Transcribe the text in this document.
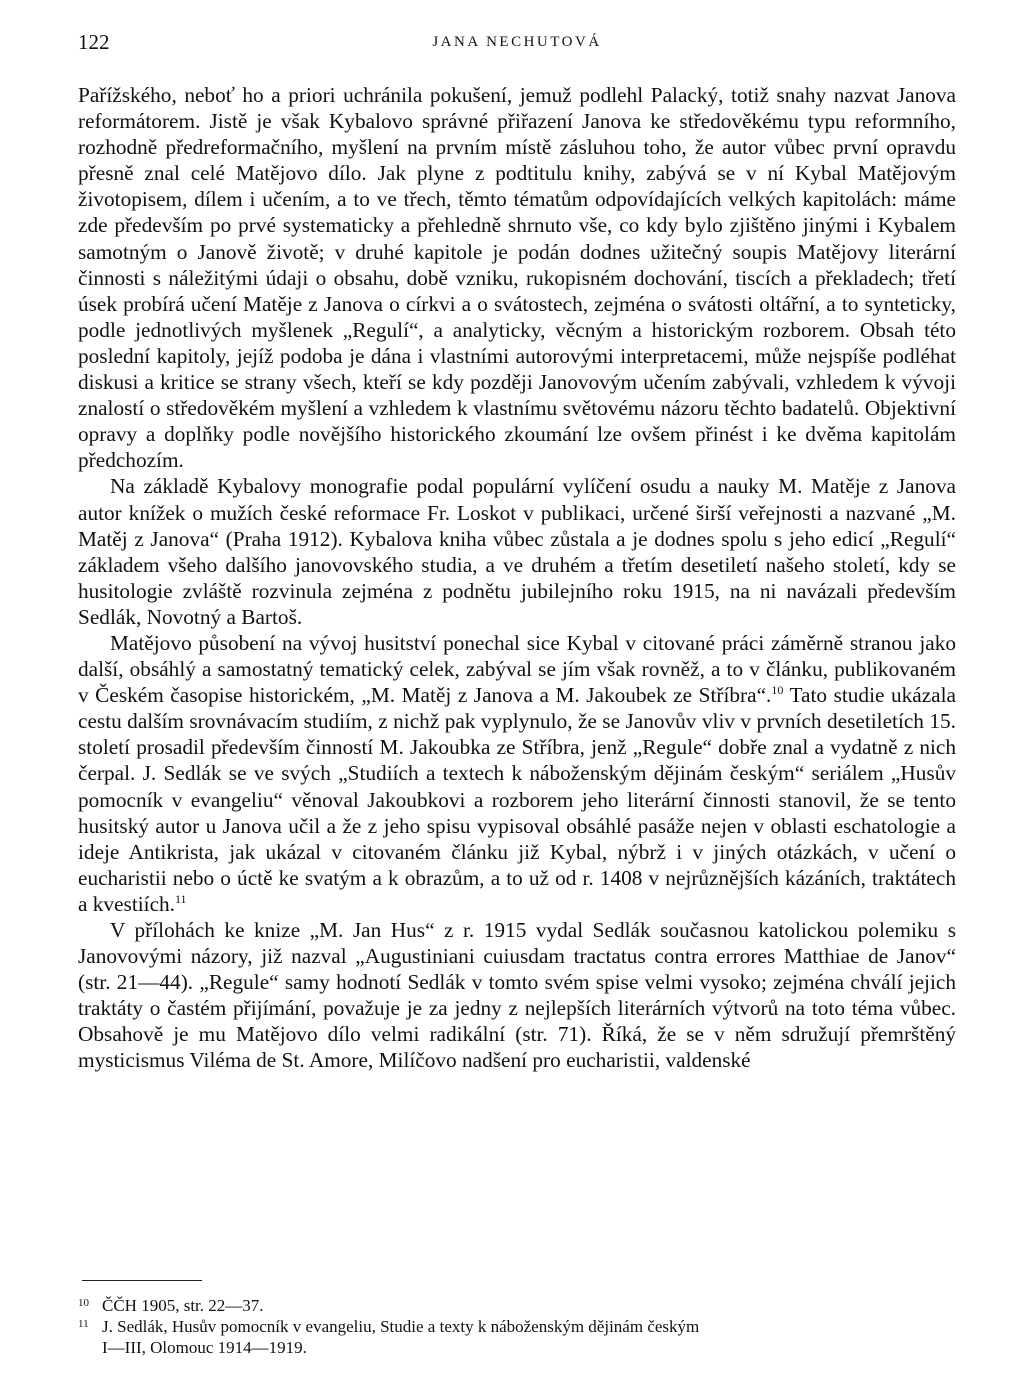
122	JANA NECHUTOVÁ

Pařížského, neboť ho a priori uchránila pokušení, jemuž podlehl Palacký, totiž snahy nazvat Janova reformátorem. Jistě je však Kybalovo správné přiřazení Janova ke středověkému typu reformního, rozhodně předreformačního, myšlení na prvním místě zásluhou toho, že autor vůbec první opravdu přesně znal celé Matějovo dílo. Jak plyne z podtitulu knihy, zabývá se v ní Kybal Matějovým životopisem, dílem i učením, a to ve třech, těmto tématům odpovídajících velkých kapitolách: máme zde především po prvé systematicky a přehledně shrnuto vše, co kdy bylo zjištěno jinými i Kybalem samotným o Janově životě; v druhé kapitole je podán dodnes užitečný soupis Matějovy literární činnosti s náležitými údaji o obsahu, době vzniku, rukopisném dochování, tiscích a překladech; třetí úsek probírá učení Matěje z Janova o církvi a o svátostech, zejména o svátosti oltářní, a to synteticky, podle jednotlivých myšlenek „Regulí“, a analyticky, věcným a historickým rozborem. Obsah této poslední kapitoly, jejíž podoba je dána i vlastními autorovými interpretacemi, může nejspíše podléhat diskusi a kritice se strany všech, kteří se kdy později Janovovým učením zabývali, vzhledem k vývoji znalostí o středověkém myšlení a vzhledem k vlastnímu světovému názoru těchto badatelů. Objektivní opravy a doplňky podle novějšího historického zkoumání lze ovšem přinést i ke dvěma kapitolám předchozím.

Na základě Kybalovy monografie podal populární vylíčení osudu a nauky M. Matěje z Janova autor knížek o mužích české reformace Fr. Loskot v publikaci, určené širší veřejnosti a nazvané „M. Matěj z Janova“ (Praha 1912). Kybalova kniha vůbec zůstala a je dodnes spolu s jeho edicí „Regulí“ základem všeho dalšího janovovského studia, a ve druhém a třetím desetiletí našeho století, kdy se husitologie zvláště rozvinula zejména z podnětu jubilejního roku 1915, na ni navázali především Sedlák, Novotný a Bartoš.

Matějovo působení na vývoj husitství ponechal sice Kybal v citované práci záměrně stranou jako další, obsáhlý a samostatný tematický celek, zabýval se jím však rovněž, a to v článku, publikovaném v Českém časopise historickém, „M. Matěj z Janova a M. Jakoubek ze Stříbra“.$^{10}$ Tato studie ukázala cestu dalším srovnávacím studiím, z nichž pak vyplynulo, že se Janovův vliv v prvních desetiletích 15. století prosadil především činností M. Jakoubka ze Stříbra, jenž „Regule“ dobře znal a vydatně z nich čerpal. J. Sedlák se ve svých „Studiích a textech k náboženským dějinám českým“ seriálem „Husův pomocník v evangeliu“ věnoval Jakoubkovi a rozborem jeho literární činnosti stanovil, že se tento husitský autor u Janova učil a že z jeho spisu vypisoval obsáhlé pasáže nejen v oblasti eschatologie a ideje Antikrista, jak ukázal v citovaném článku již Kybal, nýbrž i v jiných otázkách, v učení o eucharistii nebo o úctě ke svatým a k obrazům, a to už od r. 1408 v nejrůznějších kázáních, traktátech a kvestiích.$^{11}$

V přílohách ke knize „M. Jan Hus“ z r. 1915 vydal Sedlák současnou katolickou polemiku s Janovovými názory, již nazval „Augustiniani cuiusdam tractatus contra errores Matthiae de Janov“ (str. 21—44). „Regule“ samy hodnotí Sedlák v tomto svém spise velmi vysoko; zejména chválí jejich traktáty o častém přijímání, považuje je za jedny z nejlepších literárních výtvorů na toto téma vůbec. Obsahově je mu Matějovo dílo velmi radikální (str. 71). Říká, že se v něm sdružují přemrštěný mysticismus Viléma de St. Amore, Milíčovo nadšení pro eucharistii, valdenské

10 ČČH 1905, str. 22—37.
11 J. Sedlák, Husův pomocník v evangeliu, Studie a texty k náboženským dějinám českým
I—III, Olomouc 1914—1919.
